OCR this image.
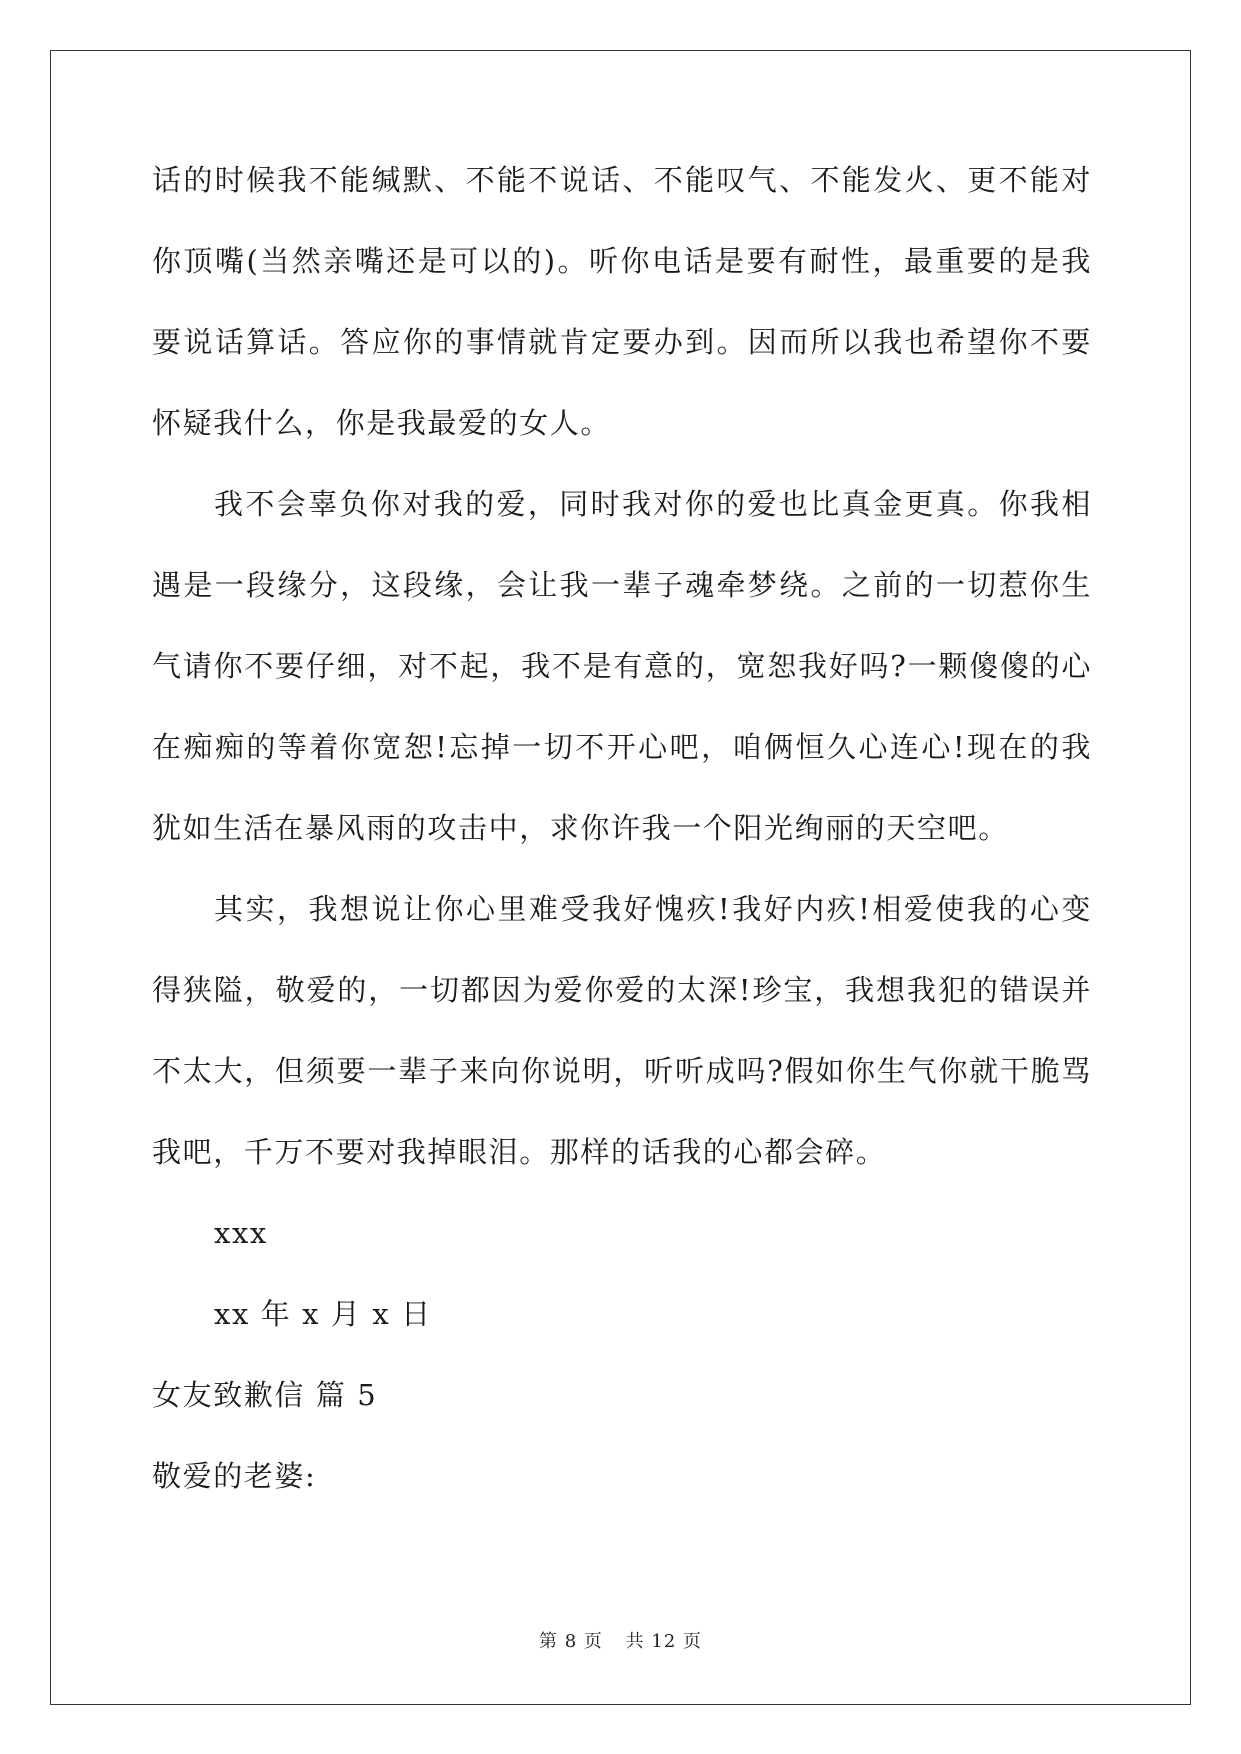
话的时候我不能缄默、不能不说话、不能叹气、不能发火、更不能对你顶嘴(当然亲嘴还是可以的)。听你电话是要有耐性，最重要的是我要说话算话。答应你的事情就肯定要办到。因而所以我也希望你不要怀疑我什么，你是我最爱的女人。

我不会辜负你对我的爱，同时我对你的爱也比真金更真。你我相遇是一段缘分，这段缘，会让我一辈子魂牵梦绕。之前的一切惹你生气请你不要仔细，对不起，我不是有意的，宽恕我好吗?一颗傻傻的心在痴痴的等着你宽恕!忘掉一切不开心吧，咱俩恒久心连心!现在的我犹如生活在暴风雨的攻击中，求你许我一个阳光绚丽的天空吧。

其实，我想说让你心里难受我好愧疚!我好内疚!相爱使我的心变得狭隘，敬爱的，一切都因为爱你爱的太深!珍宝，我想我犯的错误并不太大，但须要一辈子来向你说明，听听成吗?假如你生气你就干脆骂我吧，千万不要对我掉眼泪。那样的话我的心都会碎。

xxx

xx 年 x 月 x 日

女友致歉信 篇 5

敬爱的老婆:

第 8 页 共 12 页
